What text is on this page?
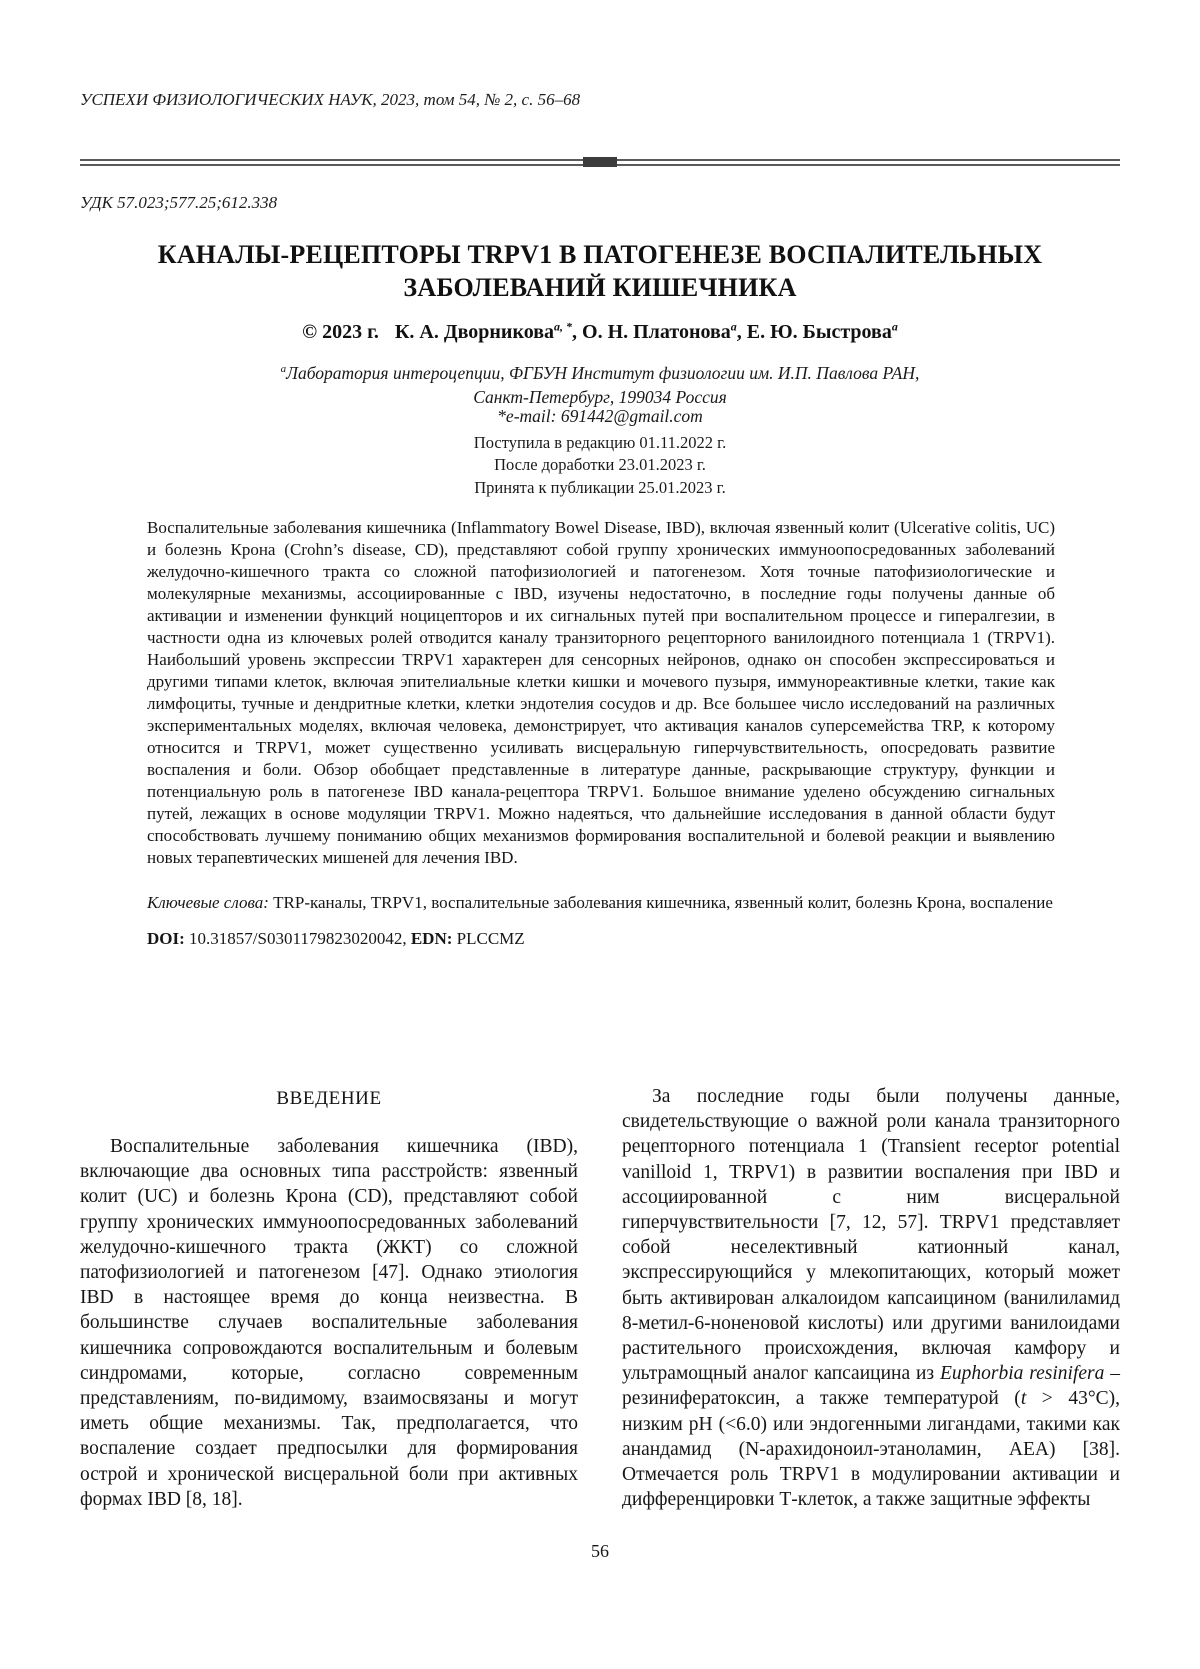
УСПЕХИ ФИЗИОЛОГИЧЕСКИХ НАУК, 2023, том 54, № 2, с. 56–68
УДК 57.023;577.25;612.338
КАНАЛЫ-РЕЦЕПТОРЫ TRPV1 В ПАТОГЕНЕЗЕ ВОСПАЛИТЕЛЬНЫХ
ЗАБОЛЕВАНИЙ КИШЕЧНИКА
© 2023 г. К. А. Дворникова$^{a, *}$, О. Н. Платонова$^a$, Е. Ю. Быстрова$^a$
$^a$Лаборатория интероцепции, ФГБУН Институт физиологии им. И.П. Павлова РАН,
Санкт-Петербург, 199034 Россия
*e-mail: 691442@gmail.com
Поступила в редакцию 01.11.2022 г.
После доработки 23.01.2023 г.
Принята к публикации 25.01.2023 г.
Воспалительные заболевания кишечника (Inflammatory Bowel Disease, IBD), включая язвенный колит (Ulcerative colitis, UC) и болезнь Крона (Crohn’s disease, CD), представляют собой группу хронических иммуноопосредованных заболеваний желудочно-кишечного тракта со сложной патофизиологией и патогенезом. Хотя точные патофизиологические и молекулярные механизмы, ассоциированные с IBD, изучены недостаточно, в последние годы получены данные об активации и изменении функций ноцицепторов и их сигнальных путей при воспалительном процессе и гипералгезии, в частности одна из ключевых ролей отводится каналу транзиторного рецепторного ванилоидного потенциала 1 (TRPV1). Наибольший уровень экспрессии TRPV1 характерен для сенсорных нейронов, однако он способен экспрессироваться и другими типами клеток, включая эпителиальные клетки кишки и мочевого пузыря, иммунореактивные клетки, такие как лимфоциты, тучные и дендритные клетки, клетки эндотелия сосудов и др. Все большее число исследований на различных экспериментальных моделях, включая человека, демонстрирует, что активация каналов суперсемейства TRP, к которому относится и TRPV1, может существенно усиливать висцеральную гиперчувствительность, опосредовать развитие воспаления и боли. Обзор обобщает представленные в литературе данные, раскрывающие структуру, функции и потенциальную роль в патогенезе IBD канала-рецептора TRPV1. Большое внимание уделено обсуждению сигнальных путей, лежащих в основе модуляции TRPV1. Можно надеяться, что дальнейшие исследования в данной области будут способствовать лучшему пониманию общих механизмов формирования воспалительной и болевой реакции и выявлению новых терапевтических мишеней для лечения IBD.
Ключевые слова: TRP-каналы, TRPV1, воспалительные заболевания кишечника, язвенный колит, болезнь Крона, воспаление
DOI: 10.31857/S0301179823020042, EDN: PLCCMZ
ВВЕДЕНИЕ

Воспалительные заболевания кишечника (IBD), включающие два основных типа расстройств: язвенный колит (UC) и болезнь Крона (CD), представляют собой группу хронических иммуноопосредованных заболеваний желудочно-кишечного тракта (ЖКТ) со сложной патофизиологией и патогенезом [47]. Однако этиология IBD в настоящее время до конца неизвестна. В большинстве случаев воспалительные заболевания кишечника сопровождаются воспалительным и болевым синдромами, которые, согласно современным представлениям, по-видимому, взаимосвязаны и могут иметь общие механизмы. Так, предполагается, что воспаление создает предпосылки для формирования острой и хронической висцеральной боли при активных формах IBD [8, 18].

За последние годы были получены данные, свидетельствующие о важной роли канала транзиторного рецепторного потенциала 1 (Transient receptor potential vanilloid 1, TRPV1) в развитии воспаления при IBD и ассоциированной с ним висцеральной гиперчувствительности [7, 12, 57]. TRPV1 представляет собой неселективный катионный канал, экспрессирующийся у млекопитающих, который может быть активирован алкалоидом капсаицином (ванилиламид 8-метил-6-ноненовой кислоты) или другими ванилоидами растительного происхождения, включая камфору и ультрамощный аналог капсаицина из Euphorbia resinifera – резинифератоксин, а также температурой (t > 43°C), низким pH (<6.0) или эндогенными лигандами, такими как анандамид (N-арахидоноил-этаноламин, AEA) [38]. Отмечается роль TRPV1 в модулировании активации и дифференцировки Т-клеток, а также защитные эффекты

56
